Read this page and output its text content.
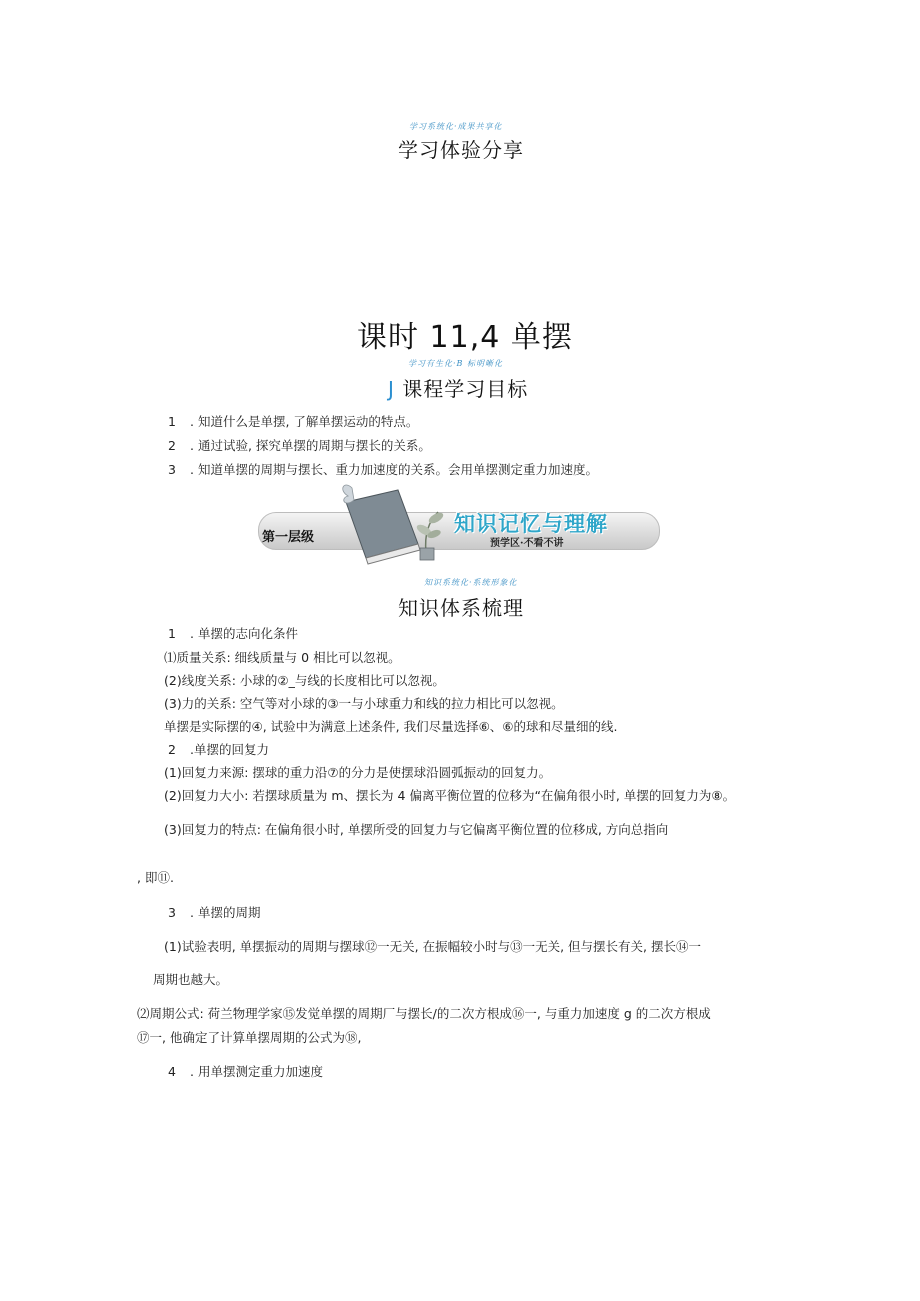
学习系统化·成果共享化
学习体验分享
课时 11,4 单摆
学习有生化·B 标明晰化
J 课程学习目标
1 . 知道什么是单摆, 了解单摆运动的特点。
2 . 通过试验, 探究单摆的周期与摆长的关系。
3 . 知道单摆的周期与摆长、重力加速度的关系。会用单摆测定重力加速度。
第一层级
知识记忆与理解
预学区·不看不讲
知识系统化·系统形象化
知识体系梳理
1 . 单摆的志向化条件
⑴质量关系: 细线质量与 0 相比可以忽视。
(2)线度关系: 小球的②_与线的长度相比可以忽视。
(3)力的关系: 空气等对小球的③一与小球重力和线的拉力相比可以忽视。
单摆是实际摆的④, 试验中为满意上述条件, 我们尽量选择⑥、⑥的球和尽量细的线.
2 .单摆的回复力
(1)回复力来源: 摆球的重力沿⑦的分力是使摆球沿圆弧振动的回复力。
(2)回复力大小: 若摆球质量为 m、摆长为 4 偏离平衡位置的位移为“在偏角很小时, 单摆的回复力为⑧。
(3)回复力的特点: 在偏角很小时, 单摆所受的回复力与它偏离平衡位置的位移成, 方向总指向
, 即⑪.
3 . 单摆的周期
(1)试验表明, 单摆振动的周期与摆球⑫一无关, 在振幅较小时与⑬一无关, 但与摆长有关, 摆长⑭一
周期也越大。
⑵周期公式: 荷兰物理学家⑮发觉单摆的周期厂与摆长/的二次方根成⑯一, 与重力加速度 g 的二次方根成
⑰一, 他确定了计算单摆周期的公式为⑱,
4 . 用单摆测定重力加速度
